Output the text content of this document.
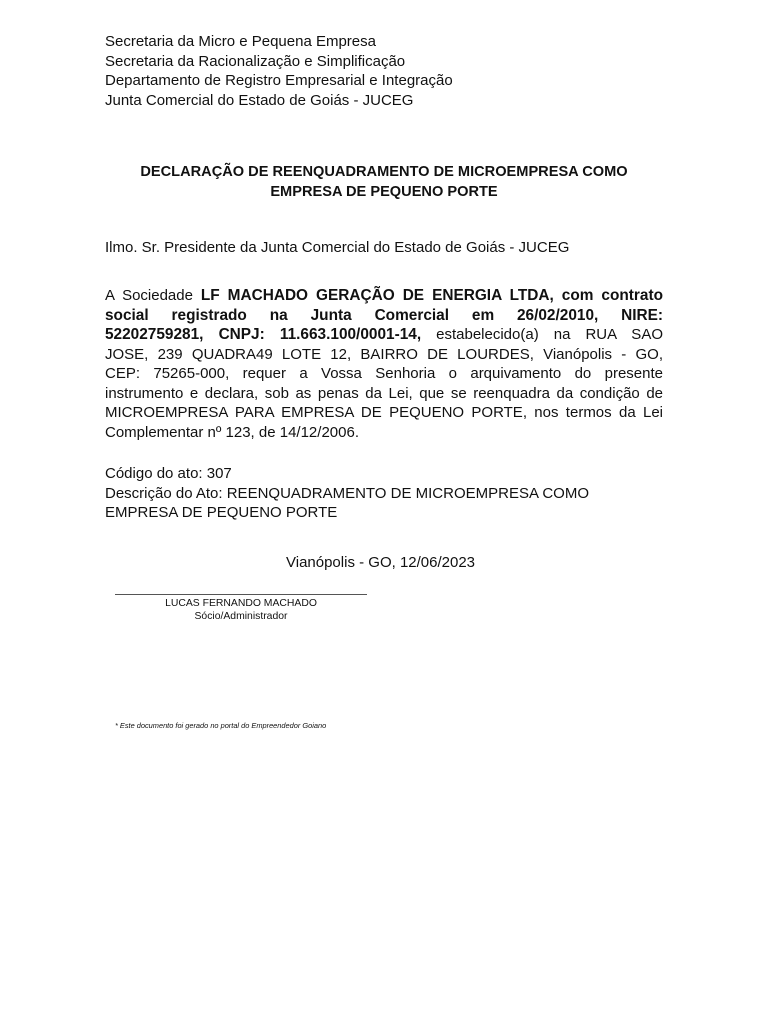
Secretaria da Micro e Pequena Empresa
Secretaria da Racionalização e Simplificação
Departamento de Registro Empresarial e Integração
Junta Comercial do Estado de Goiás - JUCEG
DECLARAÇÃO DE REENQUADRAMENTO DE MICROEMPRESA COMO
EMPRESA DE PEQUENO PORTE
Ilmo. Sr. Presidente da Junta Comercial do Estado de Goiás - JUCEG
A Sociedade LF MACHADO GERAÇÃO DE ENERGIA LTDA, com contrato
social registrado na Junta Comercial em 26/02/2010, NIRE:
52202759281, CNPJ: 11.663.100/0001-14, estabelecido(a) na RUA SAO
JOSE, 239 QUADRA49 LOTE 12, BAIRRO DE LOURDES, Vianópolis - GO,
CEP: 75265-000, requer a Vossa Senhoria o arquivamento do presente
instrumento e declara, sob as penas da Lei, que se reenquadra da condição de
MICROEMPRESA PARA EMPRESA DE PEQUENO PORTE, nos termos da Lei
Complementar nº 123, de 14/12/2006.
Código do ato: 307
Descrição do Ato: REENQUADRAMENTO DE MICROEMPRESA COMO
EMPRESA DE PEQUENO PORTE
Vianópolis - GO, 12/06/2023
LUCAS FERNANDO MACHADO
Sócio/Administrador
* Este documento foi gerado no portal do Empreendedor Goiano
